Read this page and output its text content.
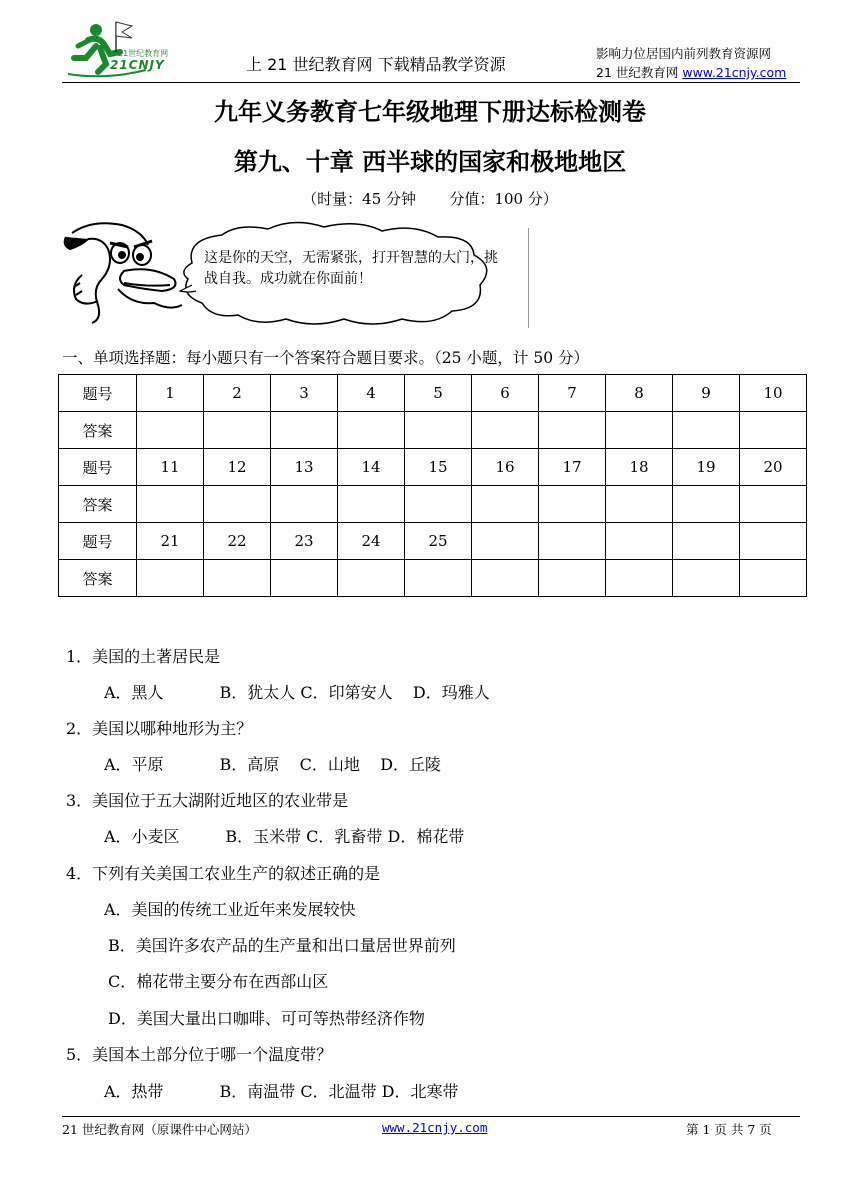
21世纪教育网
21CNJY	上 21 世纪教育网 下载精品教学资源
影响力位居国内前列教育资源网
21 世纪教育网 www.21cnjy.com
九年义务教育七年级地理下册达标检测卷
第九、十章 西半球的国家和极地地区
（时量：45 分钟       分值：100 分）
这是你的天空，无需紧张，打开智慧的大门，挑战自我。成功就在你面前！
一、单项选择题：每小题只有一个答案符合题目要求。（25 小题，计 50 分）
题号	1	2	3	4	5	6	7	8	9	10
答案										
题号	11	12	13	14	15	16	17	18	19	20
答案										
题号	21	22	23	24	25					
答案										
1．美国的土著居民是
A．黑人           B．犹太人 C．印第安人    D．玛雅人
2．美国以哪种地形为主？
A．平原           B．高原    C．山地    D．丘陵
3．美国位于五大湖附近地区的农业带是
A．小麦区         B．玉米带 C．乳畜带 D．棉花带
4．下列有关美国工农业生产的叙述正确的是
A．美国的传统工业近年来发展较快
B．美国许多农产品的生产量和出口量居世界前列
C．棉花带主要分布在西部山区
D．美国大量出口咖啡、可可等热带经济作物
5．美国本土部分位于哪一个温度带？
A．热带           B．南温带 C．北温带 D．北寒带
21 世纪教育网（原课件中心网站）	www.21cnjy.com	第 1 页 共 7 页
